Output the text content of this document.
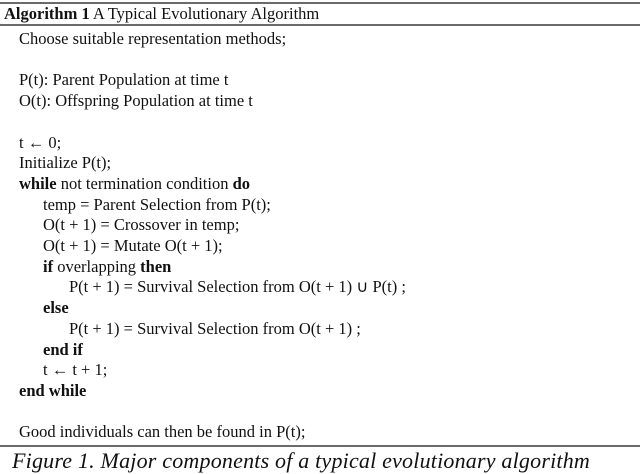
Algorithm 1 A Typical Evolutionary Algorithm
Choose suitable representation methods;
P(t): Parent Population at time t
O(t): Offspring Population at time t
t ← 0;
Initialize P(t);
while not termination condition do
temp = Parent Selection from P(t);
O(t + 1) = Crossover in temp;
O(t + 1) = Mutate O(t + 1);
if overlapping then
P(t + 1) = Survival Selection from O(t + 1) ∪ P(t) ;
else
P(t + 1) = Survival Selection from O(t + 1) ;
end if
t ← t + 1;
end while
Good individuals can then be found in P(t);
Figure 1. Major components of a typical evolutionary algorithm
